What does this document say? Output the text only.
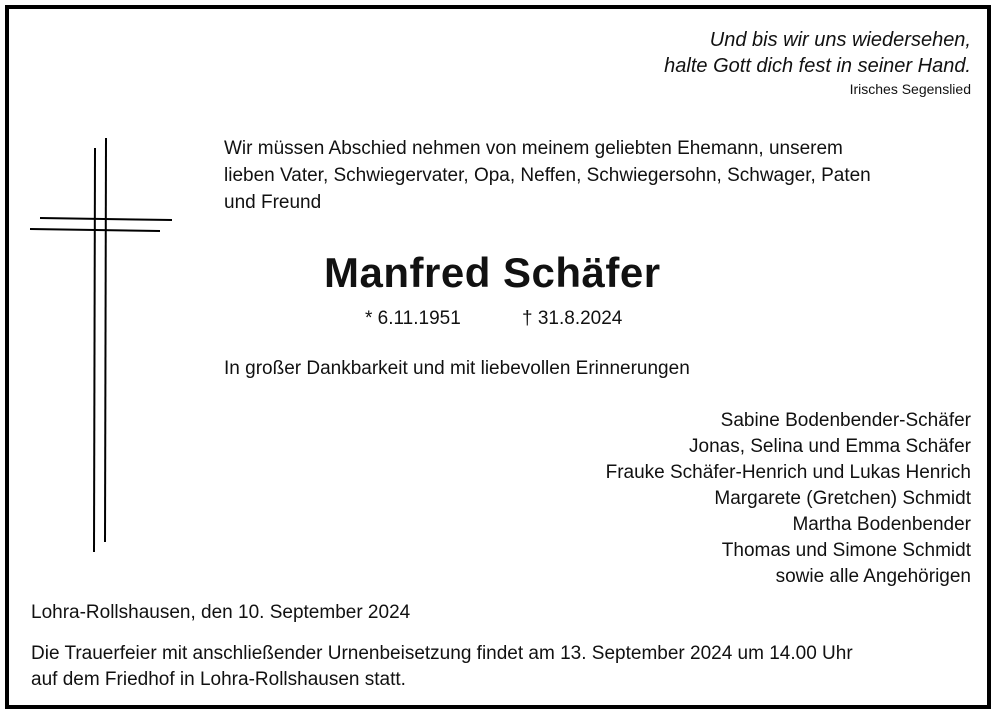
Und bis wir uns wiedersehen,
halte Gott dich fest in seiner Hand.
Irisches Segenslied
Wir müssen Abschied nehmen von meinem geliebten Ehemann, unserem
lieben Vater, Schwiegervater, Opa, Neffen, Schwiegersohn, Schwager, Paten
und Freund
Manfred Schäfer
* 6.11.1951	† 31.8.2024
In großer Dankbarkeit und mit liebevollen Erinnerungen
Sabine Bodenbender-Schäfer
Jonas, Selina und Emma Schäfer
Frauke Schäfer-Henrich und Lukas Henrich
Margarete (Gretchen) Schmidt
Martha Bodenbender
Thomas und Simone Schmidt
sowie alle Angehörigen
Lohra-Rollshausen, den 10. September 2024
Die Trauerfeier mit anschließender Urnenbeisetzung findet am 13. September 2024 um 14.00 Uhr
auf dem Friedhof in Lohra-Rollshausen statt.
